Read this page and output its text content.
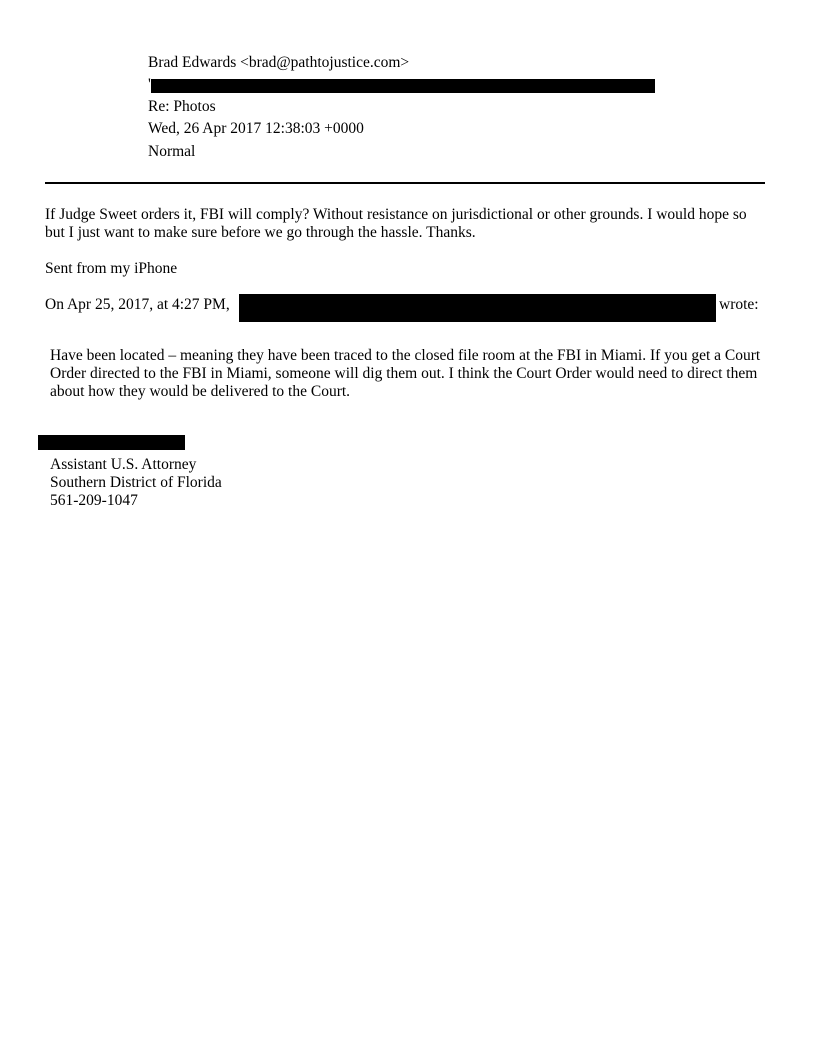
Brad Edwards <brad@pathtojustice.com>
'
Re: Photos
Wed, 26 Apr 2017 12:38:03 +0000
Normal
If Judge Sweet orders it, FBI will comply? Without resistance on jurisdictional or other grounds. I would hope so but I just want to make sure before we go through the hassle. Thanks.
Sent from my iPhone
On Apr 25, 2017, at 4:27 PM,	wrote:
Have been located – meaning they have been traced to the closed file room at the FBI in Miami. If you get a Court Order directed to the FBI in Miami, someone will dig them out. I think the Court Order would need to direct them about how they would be delivered to the Court.
Assistant U.S. Attorney
Southern District of Florida
561-209-1047
